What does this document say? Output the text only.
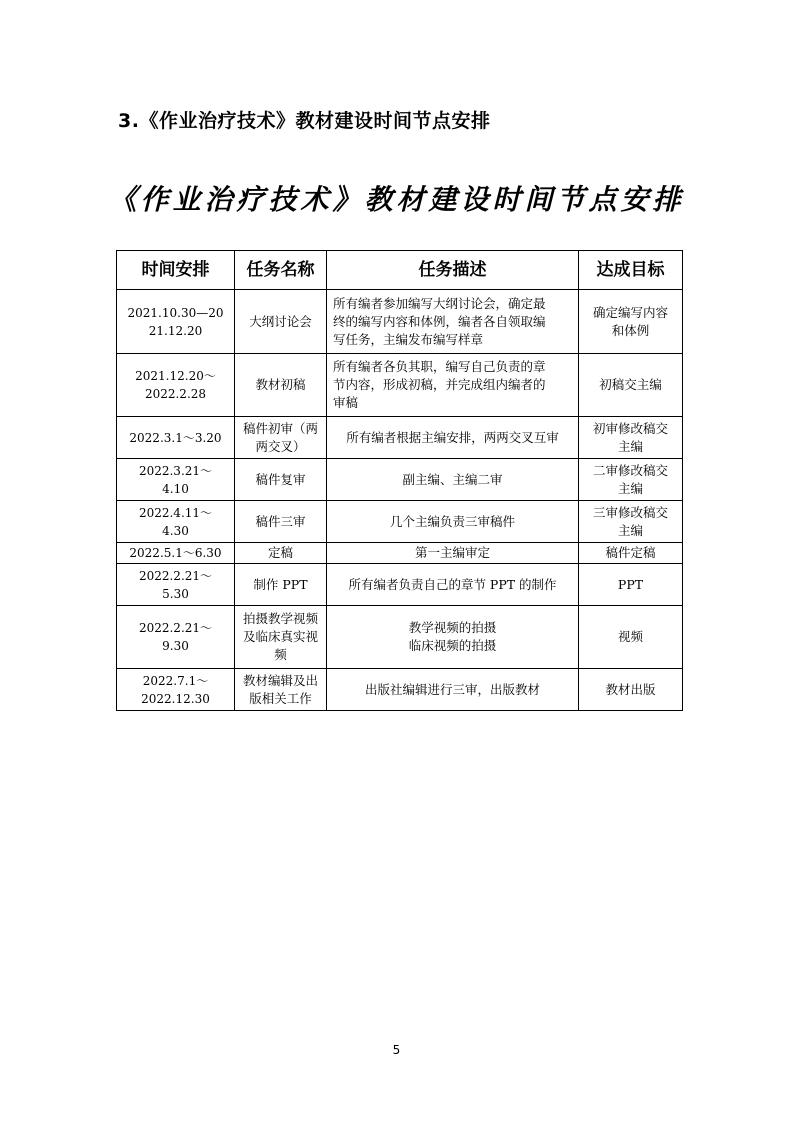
3.《作业治疗技术》教材建设时间节点安排
《作业治疗技术》教材建设时间节点安排
时间安排	任务名称	任务描述	达成目标

2021.10.30—20
21.12.20	大纲讨论会	所有编者参加编写大纲讨论会，确定最
终的编写内容和体例，编者各自领取编
写任务，主编发布编写样章	确定编写内容
和体例

2021.12.20～
2022.2.28	教材初稿	所有编者各负其职，编写自己负责的章
节内容，形成初稿，并完成组内编者的
审稿	初稿交主编

2022.3.1～3.20	稿件初审（两
两交叉）	所有编者根据主编安排，两两交叉互审	初审修改稿交
主编

2022.3.21～
4.10	稿件复审	副主编、主编二审	二审修改稿交
主编

2022.4.11～
4.30	稿件三审	几个主编负责三审稿件	三审修改稿交
主编

2022.5.1～6.30	定稿	第一主编审定	稿件定稿

2022.2.21～
5.30	制作 PPT	所有编者负责自己的章节 PPT 的制作	PPT

2022.2.21～
9.30	拍摄教学视频
及临床真实视
频	教学视频的拍摄
临床视频的拍摄	视频

2022.7.1～
2022.12.30	教材编辑及出
版相关工作	出版社编辑进行三审，出版教材	教材出版
5
